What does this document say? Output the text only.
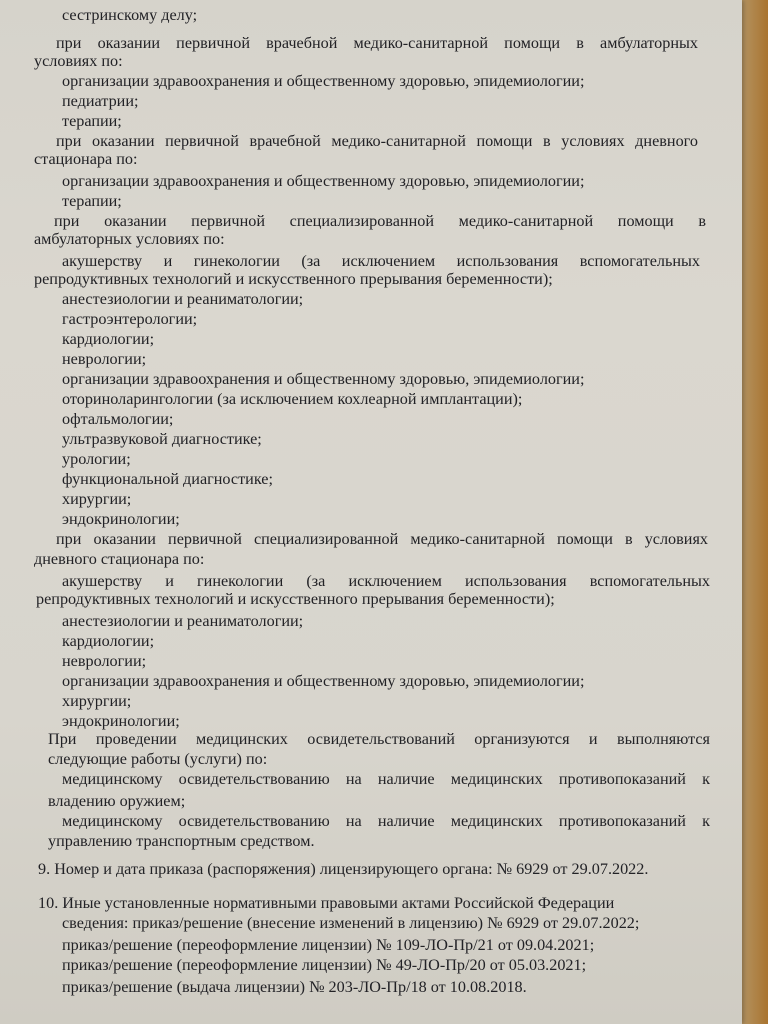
сестринскому делу;
при оказании первичной врачебной медико-санитарной помощи в амбулаторных
условиях по:
организации здравоохранения и общественному здоровью, эпидемиологии;
педиатрии;
терапии;
при оказании первичной врачебной медико-санитарной помощи в условиях дневного
стационара по:
организации здравоохранения и общественному здоровью, эпидемиологии;
терапии;
при оказании первичной специализированной медико-санитарной помощи в
амбулаторных условиях по:
акушерству и гинекологии (за исключением использования вспомогательных
репродуктивных технологий и искусственного прерывания беременности);
анестезиологии и реаниматологии;
гастроэнтерологии;
кардиологии;
неврологии;
организации здравоохранения и общественному здоровью, эпидемиологии;
оториноларингологии (за исключением кохлеарной имплантации);
офтальмологии;
ультразвуковой диагностике;
урологии;
функциональной диагностике;
хирургии;
эндокринологии;
при оказании первичной специализированной медико-санитарной помощи в условиях
дневного стационара по:
акушерству и гинекологии (за исключением использования вспомогательных
репродуктивных технологий и искусственного прерывания беременности);
анестезиологии и реаниматологии;
кардиологии;
неврологии;
организации здравоохранения и общественному здоровью, эпидемиологии;
хирургии;
эндокринологии;
При проведении медицинских освидетельствований организуются и выполняются
следующие работы (услуги) по:
медицинскому освидетельствованию на наличие медицинских противопоказаний к
владению оружием;
медицинскому освидетельствованию на наличие медицинских противопоказаний к
управлению транспортным средством.
9. Номер и дата приказа (распоряжения) лицензирующего органа: № 6929 от 29.07.2022.
10. Иные установленные нормативными правовыми актами Российской Федерации
сведения: приказ/решение (внесение изменений в лицензию) № 6929 от 29.07.2022;
приказ/решение (переоформление лицензии) № 109-ЛО-Пр/21 от 09.04.2021;
приказ/решение (переоформление лицензии) № 49-ЛО-Пр/20 от 05.03.2021;
приказ/решение (выдача лицензии) № 203-ЛО-Пр/18 от 10.08.2018.
